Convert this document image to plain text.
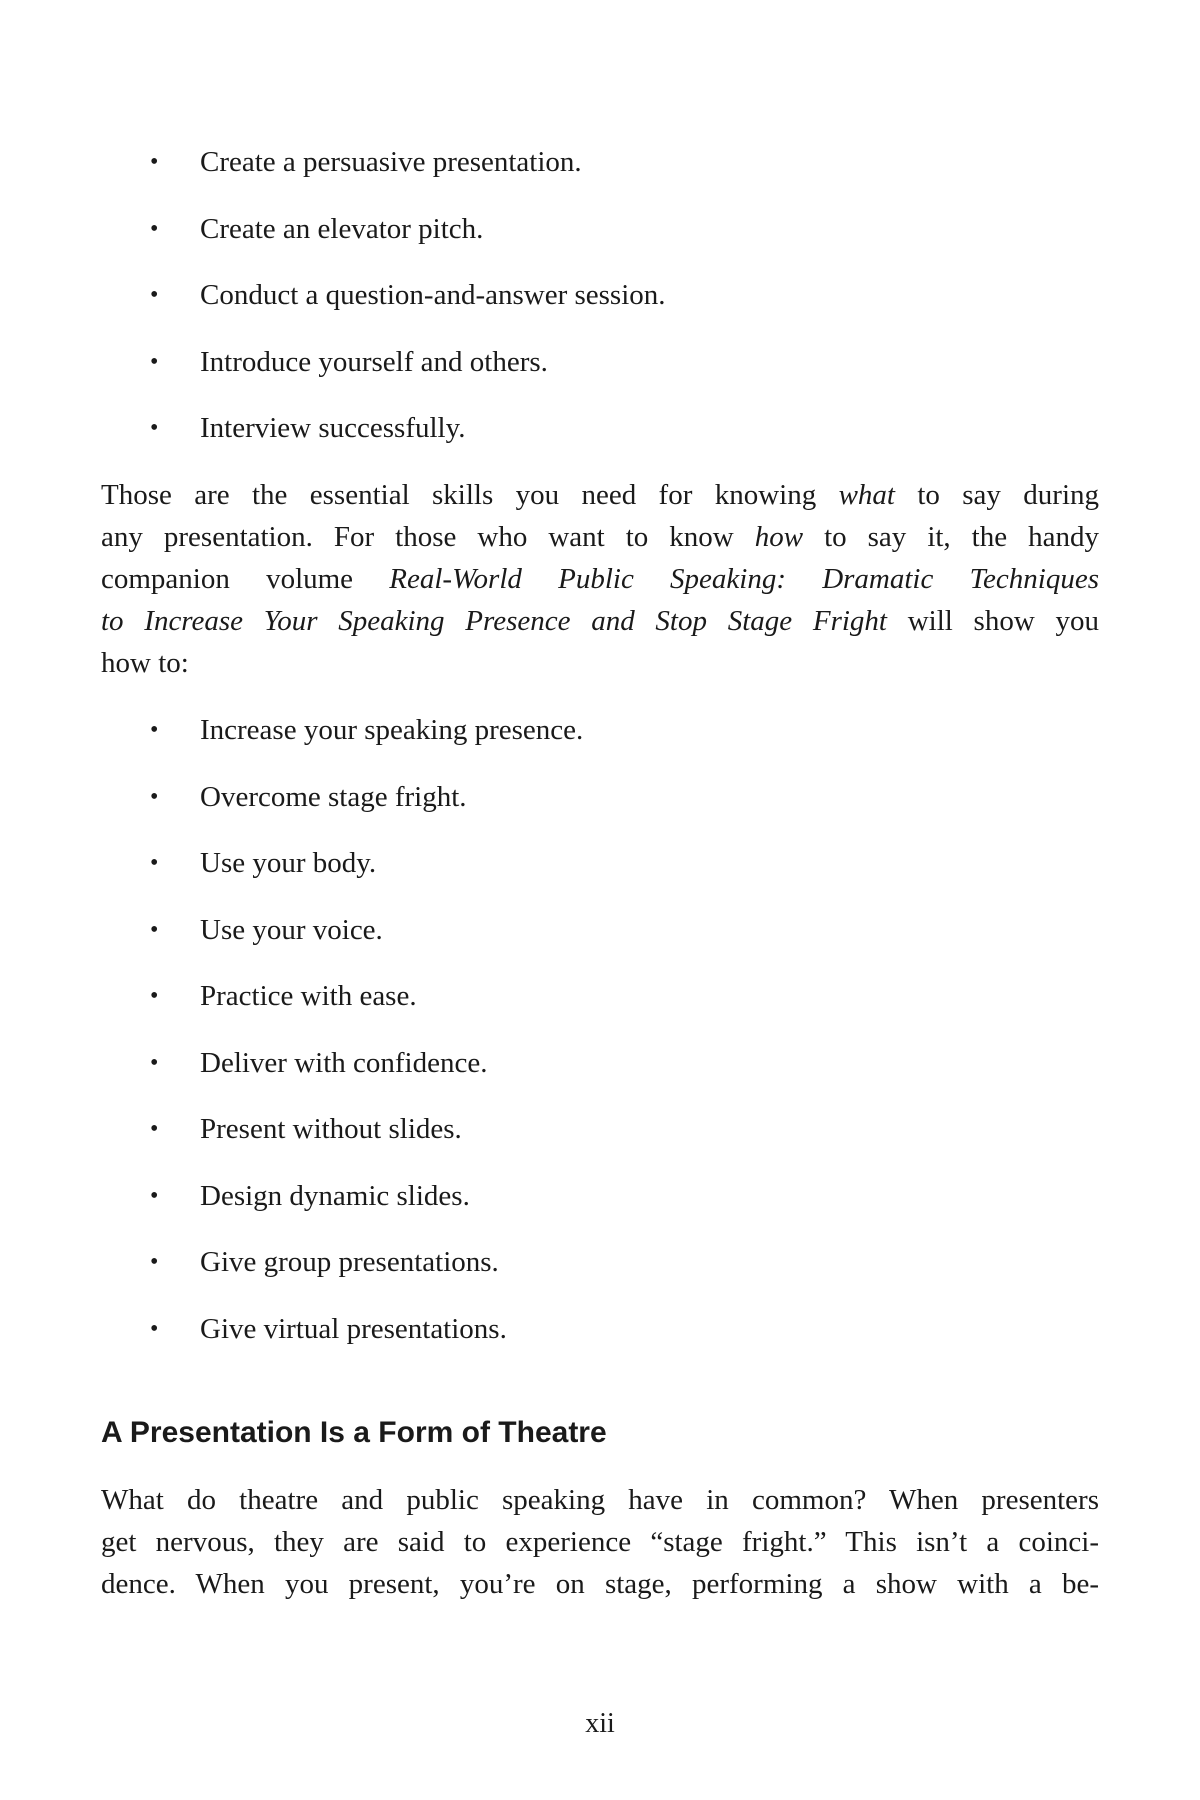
• Create a persuasive presentation.
• Create an elevator pitch.
• Conduct a question-and-answer session.
• Introduce yourself and others.
• Interview successfully.
Those are the essential skills you need for knowing what to say during
any presentation. For those who want to know how to say it, the handy
companion volume Real-World Public Speaking: Dramatic Techniques
to Increase Your Speaking Presence and Stop Stage Fright will show you
how to:
• Increase your speaking presence.
• Overcome stage fright.
• Use your body.
• Use your voice.
• Practice with ease.
• Deliver with confidence.
• Present without slides.
• Design dynamic slides.
• Give group presentations.
• Give virtual presentations.
A Presentation Is a Form of Theatre
What do theatre and public speaking have in common? When presenters
get nervous, they are said to experience “stage fright.” This isn’t a coinci-
dence. When you present, you’re on stage, performing a show with a be-
xii
